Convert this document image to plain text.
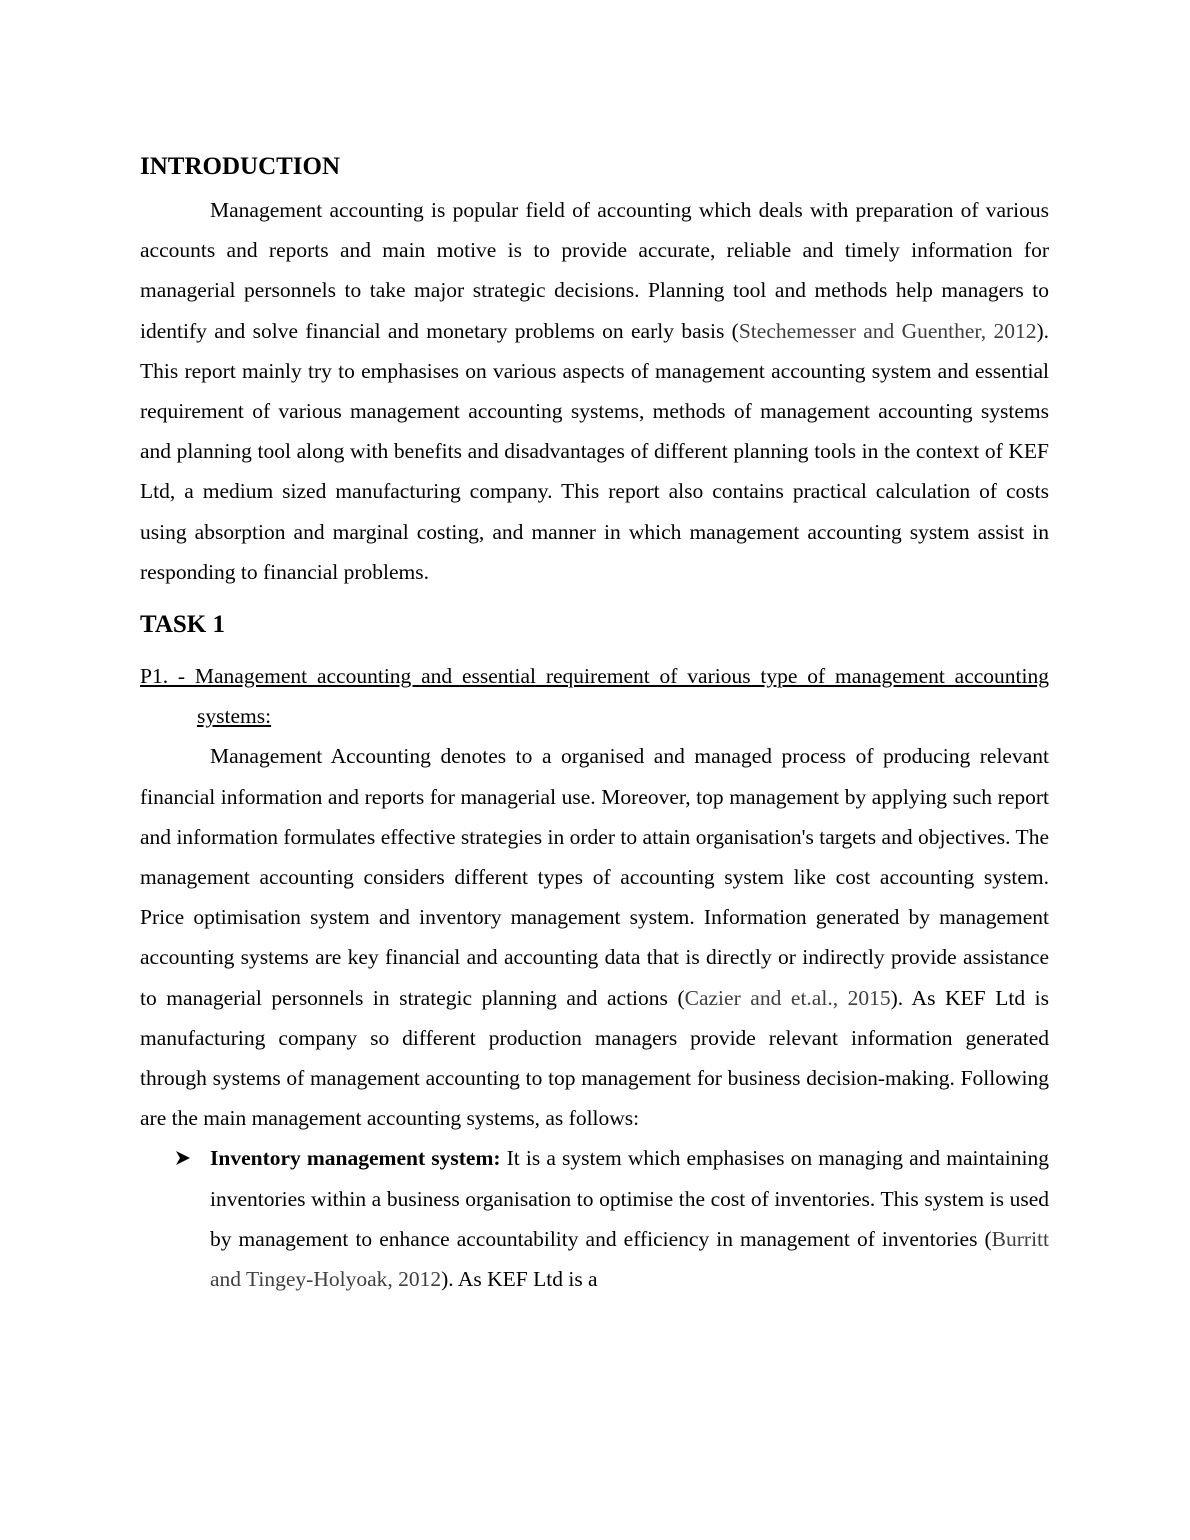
INTRODUCTION

Management accounting is popular field of accounting which deals with preparation of various accounts and reports and main motive is to provide accurate, reliable and timely information for managerial personnels to take major strategic decisions. Planning tool and methods help managers to identify and solve financial and monetary problems on early basis (Stechemesser and Guenther, 2012). This report mainly try to emphasises on various aspects of management accounting system and essential requirement of various management accounting systems, methods of management accounting systems and planning tool along with benefits and disadvantages of different planning tools in the context of KEF Ltd, a medium sized manufacturing company. This report also contains practical calculation of costs using absorption and marginal costing, and manner in which management accounting system assist in responding to financial problems.

TASK 1
P1. - Management accounting and essential requirement of various type of management accounting systems:

Management Accounting denotes to a organised and managed process of producing relevant financial information and reports for managerial use. Moreover, top management by applying such report and information formulates effective strategies in order to attain organisation's targets and objectives. The management accounting considers different types of accounting system like cost accounting system. Price optimisation system and inventory management system. Information generated by management accounting systems are key financial and accounting data that is directly or indirectly provide assistance to managerial personnels in strategic planning and actions (Cazier and et.al., 2015). As KEF Ltd is manufacturing company so different production managers provide relevant information generated through systems of management accounting to top management for business decision-making. Following are the main management accounting systems, as follows:

Inventory management system: It is a system which emphasises on managing and maintaining inventories within a business organisation to optimise the cost of inventories. This system is used by management to enhance accountability and efficiency in management of inventories (Burritt and Tingey-Holyoak, 2012). As KEF Ltd is a
